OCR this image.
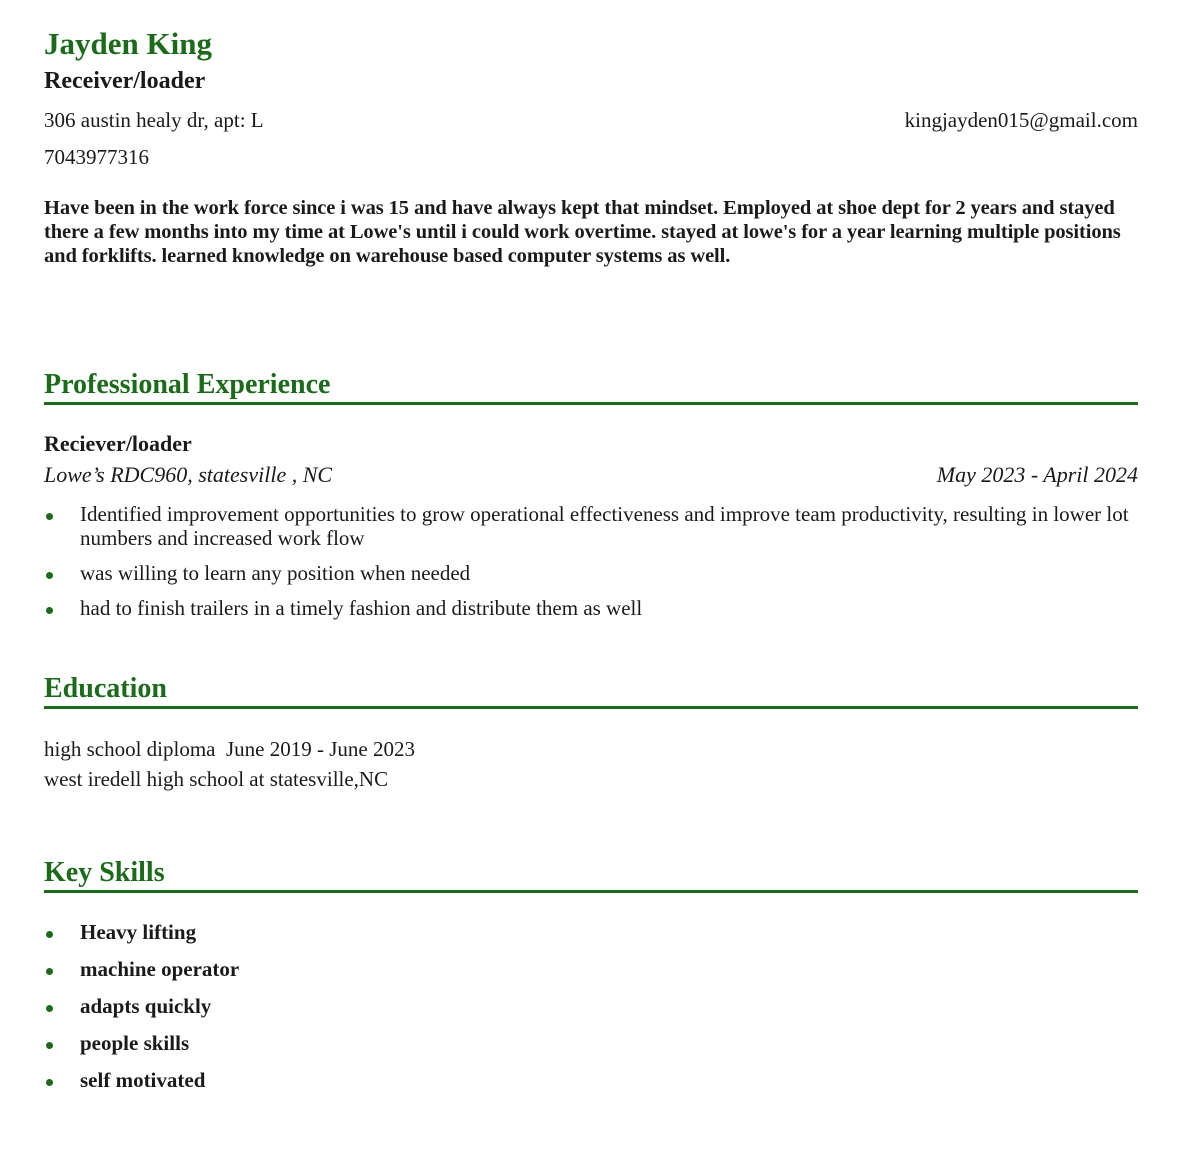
Jayden King
Receiver/loader
306 austin healy dr, apt: L	kingjayden015@gmail.com
7043977316
Have been in the work force since i was 15 and have always kept that mindset. Employed at shoe dept for 2 years and stayed there a few months into my time at Lowe's until i could work overtime. stayed at lowe's for a year learning multiple positions and forklifts. learned knowledge on warehouse based computer systems as well.
Professional Experience
Reciever/loader
Lowe’s RDC960, statesville , NC	May 2023 - April 2024
Identified improvement opportunities to grow operational effectiveness and improve team productivity, resulting in lower lot numbers and increased work flow
was willing to learn any position when needed
had to finish trailers in a timely fashion and distribute them as well
Education
high school diploma June 2019 - June 2023
west iredell high school at statesville,NC
Key Skills
Heavy lifting
machine operator
adapts quickly
people skills
self motivated
